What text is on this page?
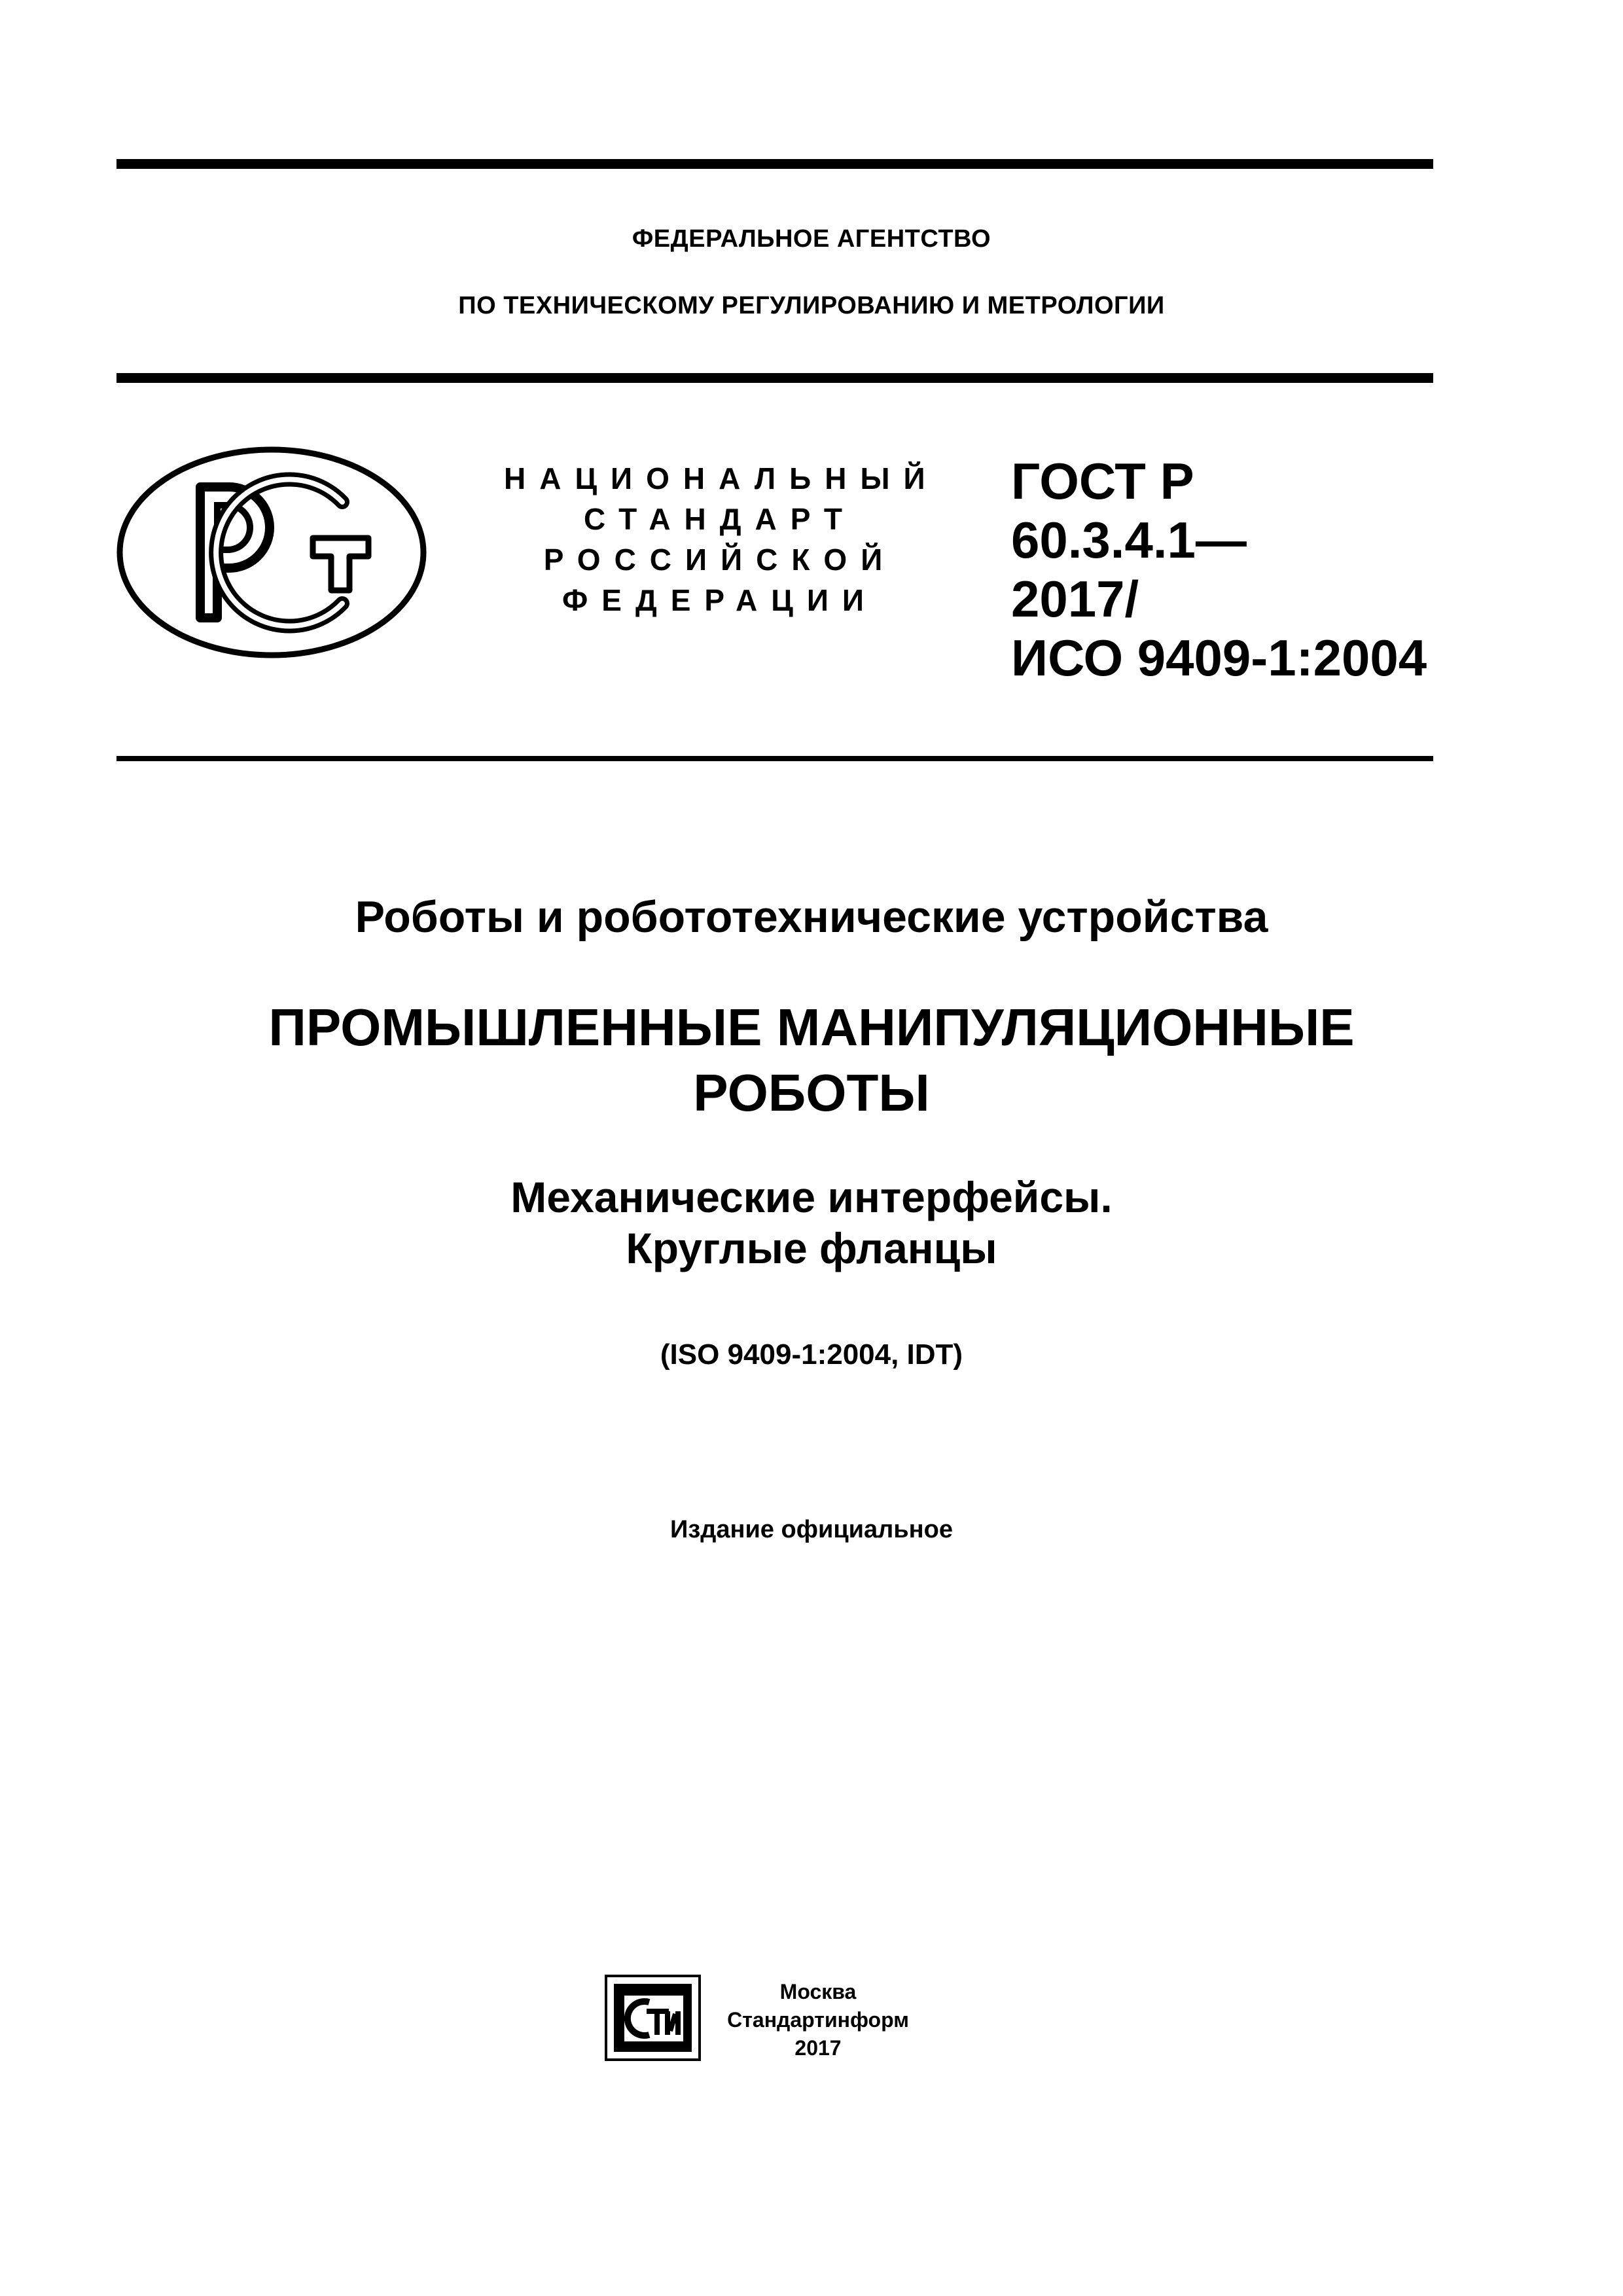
ФЕДЕРАЛЬНОЕ АГЕНТСТВО
ПО ТЕХНИЧЕСКОМУ РЕГУЛИРОВАНИЮ И МЕТРОЛОГИИ
НАЦИОНАЛЬНЫЙ
СТАНДАРТ
РОССИЙСКОЙ
ФЕДЕРАЦИИ
ГОСТ Р
60.3.4.1—
2017/
ИСО 9409-1:2004
Роботы и робототехнические устройства
ПРОМЫШЛЕННЫЕ МАНИПУЛЯЦИОННЫЕ
РОБОТЫ
Механические интерфейсы.
Круглые фланцы
(ISO 9409-1:2004, IDT)
Издание официальное
Москва
Стандартинформ
2017
